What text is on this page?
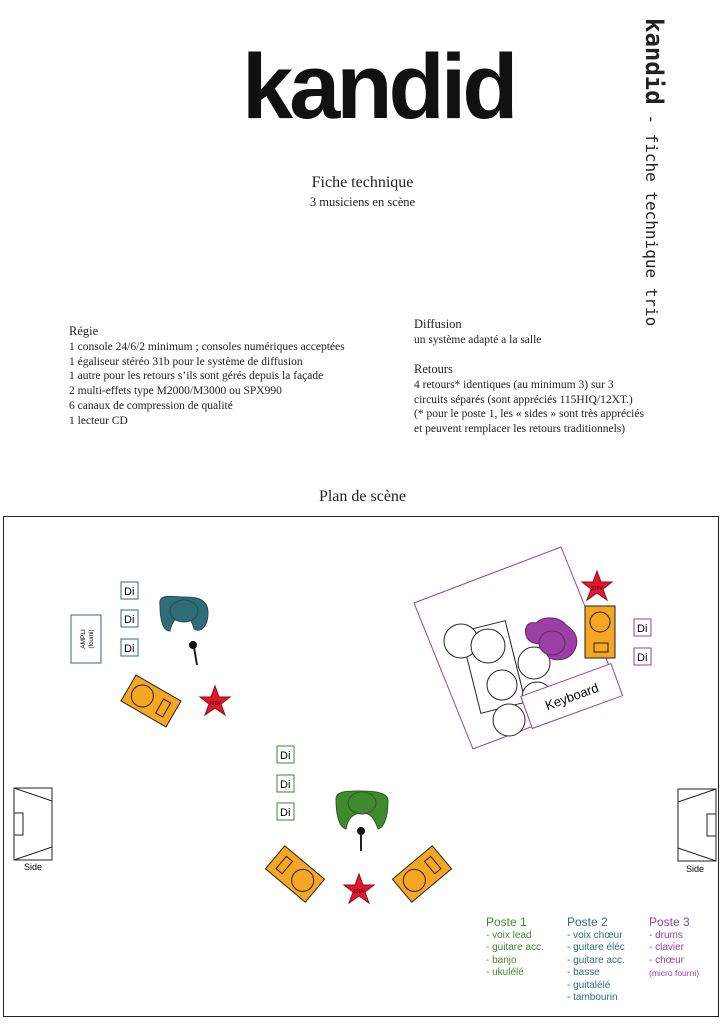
kandid	kandid - fiche technique trio
Fiche technique
3 musiciens en scène
Régie
1 console 24/6/2 minimum ; consoles numériques acceptées
1 égaliseur stéréo 31b pour le système de diffusion
1 autre pour les retours s’ils sont gérés depuis la façade
2 multi-effets type M2000/M3000 ou SPX990
6 canaux de compression de qualité
1 lecteur CD
Diffusion
un système adapté a la salle
Retours
4 retours* identiques (au minimum 3) sur 3
circuits séparés (sont appréciés 115HIQ/12XT.)
(* pour le poste 1, les « sides » sont très appréciés
et peuvent remplacer les retours traditionnels)
Plan de scène
Side	Side
AMPLI (fourni)
Di
Di
Di
220V	Keyboard
220V
Di
Di
Di
Di
Di
220V
Poste 1
- voix lead
- guitare acc.
- banjo
- ukulélé
Poste 2
- voix chœur
- guitare éléc
- guitare acc.
- basse
- guitalélé
- tambourin
Poste 3
- drums
- clavier
- chœur
(micro fourni)
